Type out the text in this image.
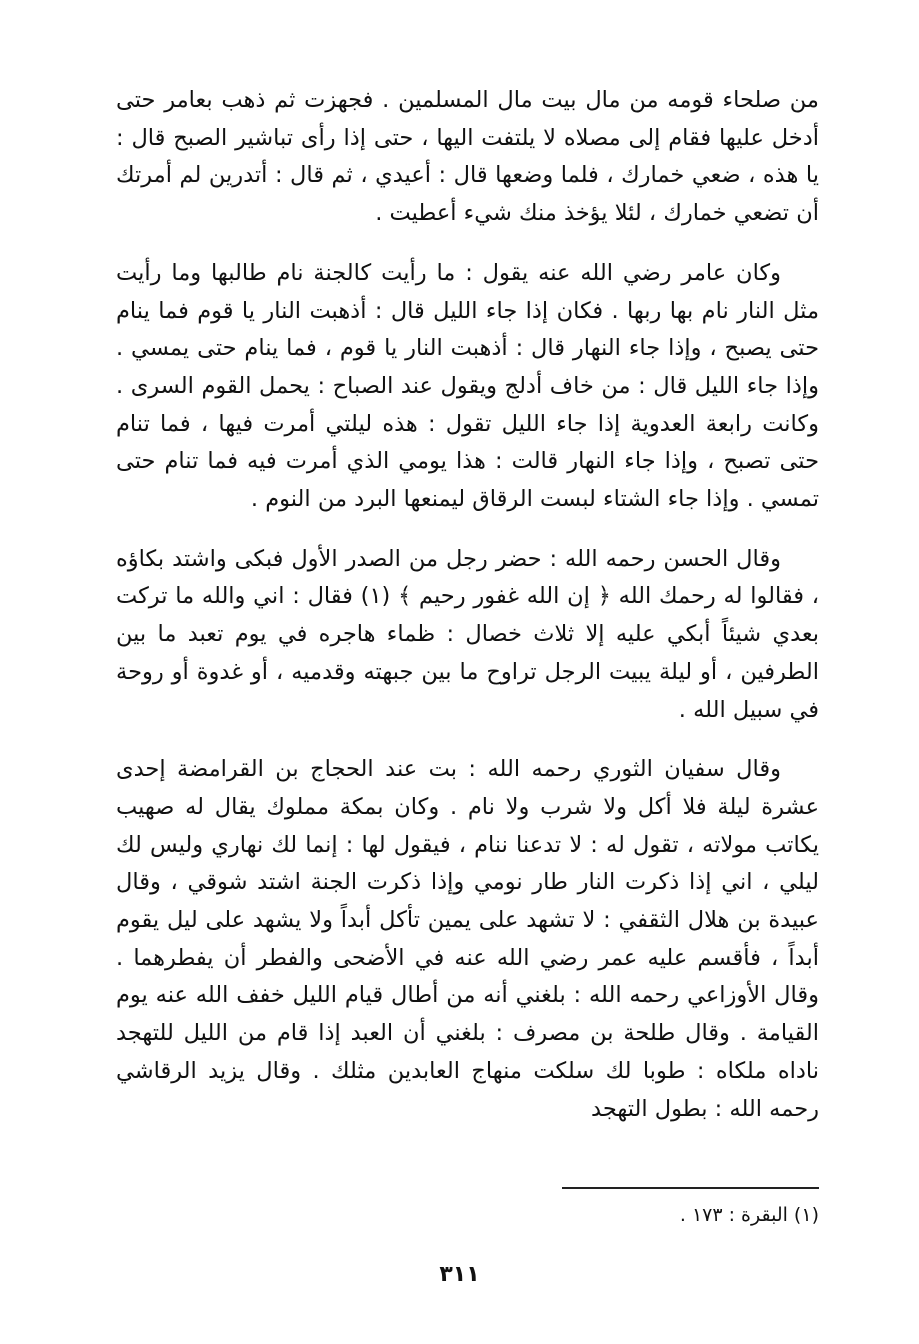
من صلحاء قومه من مال بيت مال المسلمين . فجهزت ثم ذهب بعامر حتى أدخل عليها فقام إلى مصلاه لا يلتفت اليها ، حتى إذا رأى تباشير الصبح قال : يا هذه ، ضعي خمارك ، فلما وضعها قال : أعيدي ، ثم قال : أتدرين لم أمرتك أن تضعي خمارك ، لئلا يؤخذ منك شيء أعطيت .

وكان عامر رضي الله عنه يقول : ما رأيت كالجنة نام طالبها وما رأيت مثل النار نام بها ربها . فكان إذا جاء الليل قال : أذهبت النار يا قوم فما ينام حتى يصبح ، وإذا جاء النهار قال : أذهبت النار يا قوم ، فما ينام حتى يمسي . وإذا جاء الليل قال : من خاف أدلج ويقول عند الصباح : يحمل القوم السرى . وكانت رابعة العدوية إذا جاء الليل تقول : هذه ليلتي أمرت فيها ، فما تنام حتى تصبح ، وإذا جاء النهار قالت : هذا يومي الذي أمرت فيه فما تنام حتى تمسي . وإذا جاء الشتاء لبست الرقاق ليمنعها البرد من النوم .

وقال الحسن رحمه الله : حضر رجل من الصدر الأول فبكى واشتد بكاؤه ، فقالوا له رحمك الله ﴿ إن الله غفور رحيم ﴾ (١) فقال : اني والله ما تركت بعدي شيئاً أبكي عليه إلا ثلاث خصال : ظماء هاجره في يوم تعبد ما بين الطرفين ، أو ليلة يبيت الرجل تراوح ما بين جبهته وقدميه ، أو غدوة أو روحة في سبيل الله .

وقال سفيان الثوري رحمه الله : بت عند الحجاج بن القرامضة إحدى عشرة ليلة فلا أكل ولا شرب ولا نام . وكان بمكة مملوك يقال له صهيب يكاتب مولاته ، تقول له : لا تدعنا ننام ، فيقول لها : إنما لك نهاري وليس لك ليلي ، اني إذا ذكرت النار طار نومي وإذا ذكرت الجنة اشتد شوقي ، وقال عبيدة بن هلال الثقفي : لا تشهد على يمين تأكل أبداً ولا يشهد على ليل يقوم أبداً ، فأقسم عليه عمر رضي الله عنه في الأضحى والفطر أن يفطرهما . وقال الأوزاعي رحمه الله : بلغني أنه من أطال قيام الليل خفف الله عنه يوم القيامة . وقال طلحة بن مصرف : بلغني أن العبد إذا قام من الليل للتهجد ناداه ملكاه : طوبا لك سلكت منهاج العابدين مثلك . وقال يزيد الرقاشي رحمه الله : بطول التهجد

(١) البقرة : ١٧٣ .
٣١١
